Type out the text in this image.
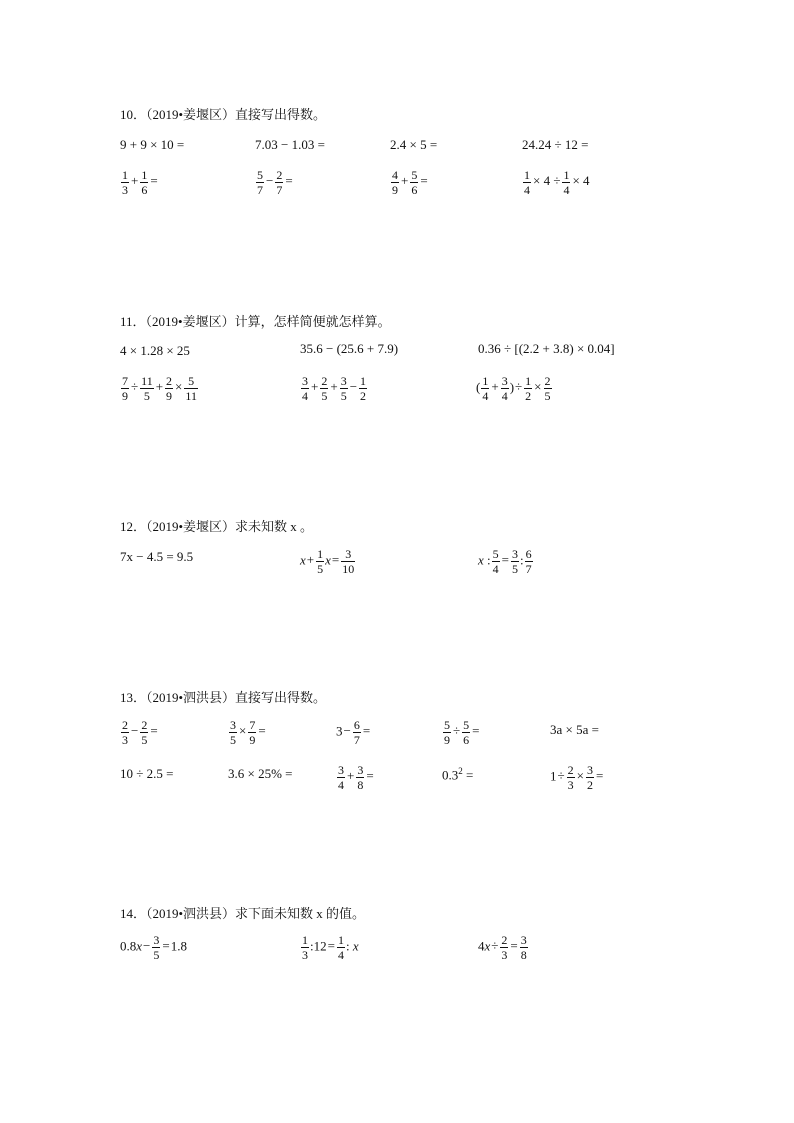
10．（2019•姜堰区）直接写出得数。
9 + 9 × 10 =	7.03 − 1.03 =	2.4 × 5 =	24.24 ÷ 12 =
$\frac{1}{3} + \frac{1}{6}$ =	$\frac{5}{7} - \frac{2}{7}$ =	$\frac{4}{9} + \frac{5}{6}$ =	$\frac{1}{4} \times 4 \div \frac{1}{4} \times 4$
11．（2019•姜堰区）计算，怎样简便就怎样算。
4 × 1.28 × 25	35.6 − (25.6 + 7.9)	0.36 ÷ [(2.2 + 3.8) × 0.04]
$\frac{7}{9} \div \frac{11}{5} + \frac{2}{9} \times \frac{5}{11}$	$\frac{3}{4} + \frac{2}{5} + \frac{3}{5} - \frac{1}{2}$	( $\frac{1}{4} + \frac{3}{4}$ )÷ $\frac{1}{2} \times \frac{2}{5}$
12．（2019•姜堰区）求未知数 x 。
7x − 4.5 = 9.5	$x+ \frac{1}{5} x= \frac{3}{10}$	x : $\frac{5}{4} = \frac{3}{5}$ : $\frac{6}{7}$
13．（2019•泗洪县）直接写出得数。
$\frac{2}{3} - \frac{2}{5}$ =	$\frac{3}{5} \times \frac{7}{9}$ =	$3- \frac{6}{7}$ =	$\frac{5}{9} \div \frac{5}{6}$ =	3a × 5a =
10 ÷ 2.5 =	3.6 × 25% =	$\frac{3}{4} + \frac{3}{8}$ =	$0.3^2$ =	$1\div \frac{2}{3} \times \frac{3}{2}$ =
14．（2019•泗洪县）求下面未知数 x 的值。
$0.8x- \frac{3}{5} =1.8$	$\frac{1}{3}$ :12= $\frac{1}{4}$ : x	$4x\div \frac{2}{3} = \frac{3}{8}$
